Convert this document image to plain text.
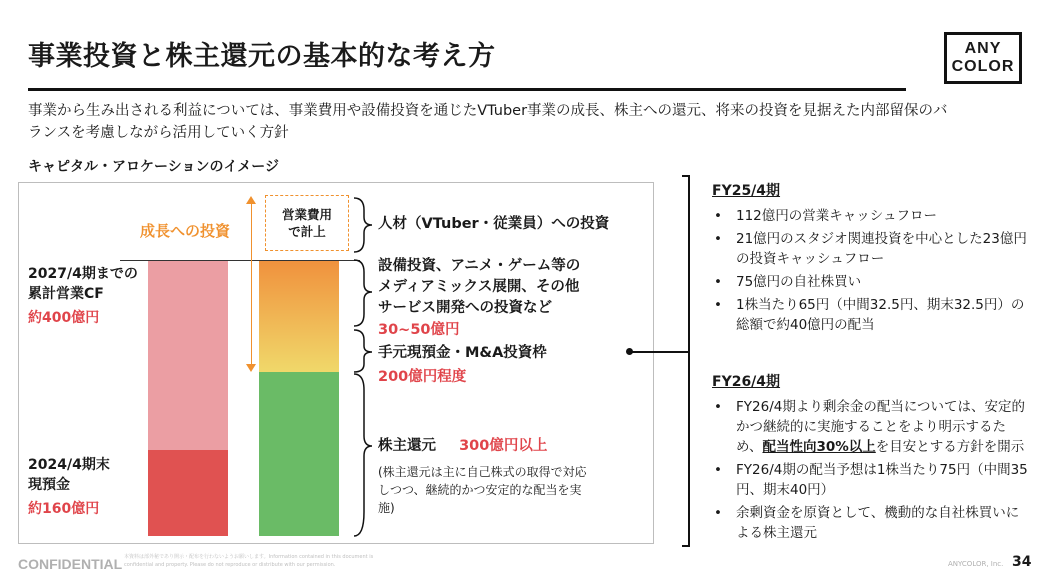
事業投資と株主還元の基本的な考え方	ANY
COLOR
事業から生み出される利益については、事業費用や設備投資を通じたVTuber事業の成長、株主への還元、将来の投資を見据えた内部留保のバランスを考慮しながら活用していく方針
キャピタル・アロケーションのイメージ
成長への投資
営業費用
で計上
2027/4期までの
累計営業CF
約400億円
2024/4期末
現預金
約160億円
人材（VTuber・従業員）への投資
設備投資、アニメ・ゲーム等の
メディアミックス展開、その他
サービス開発への投資など
30~50億円
手元現預金・M&A投資枠
200億円程度
株主還元 300億円以上
(株主還元は主に自己株式の取得で対応
しつつ、継続的かつ安定的な配当を実
施)
FY25/4期
• 112億円の営業キャッシュフロー
• 21億円のスタジオ関連投資を中心とした23億円の投資キャッシュフロー
• 75億円の自社株買い
• 1株当たり65円（中間32.5円、期末32.5円）の総額で約40億円の配当
FY26/4期
• FY26/4期より剰余金の配当については、安定的かつ継続的に実施することをより明示するため、配当性向30%以上を目安とする方針を開示
• FY26/4期の配当予想は1株当たり75円（中間35円、期末40円）
• 余剰資金を原資として、機動的な自社株買いによる株主還元
CONFIDENTIAL 本資料は部外秘であり開示・配布を行わないようお願いします。Information contained in this document is confidential and property. Please do not reproduce or distribute with our permission.	ANYCOLOR, Inc. 34
